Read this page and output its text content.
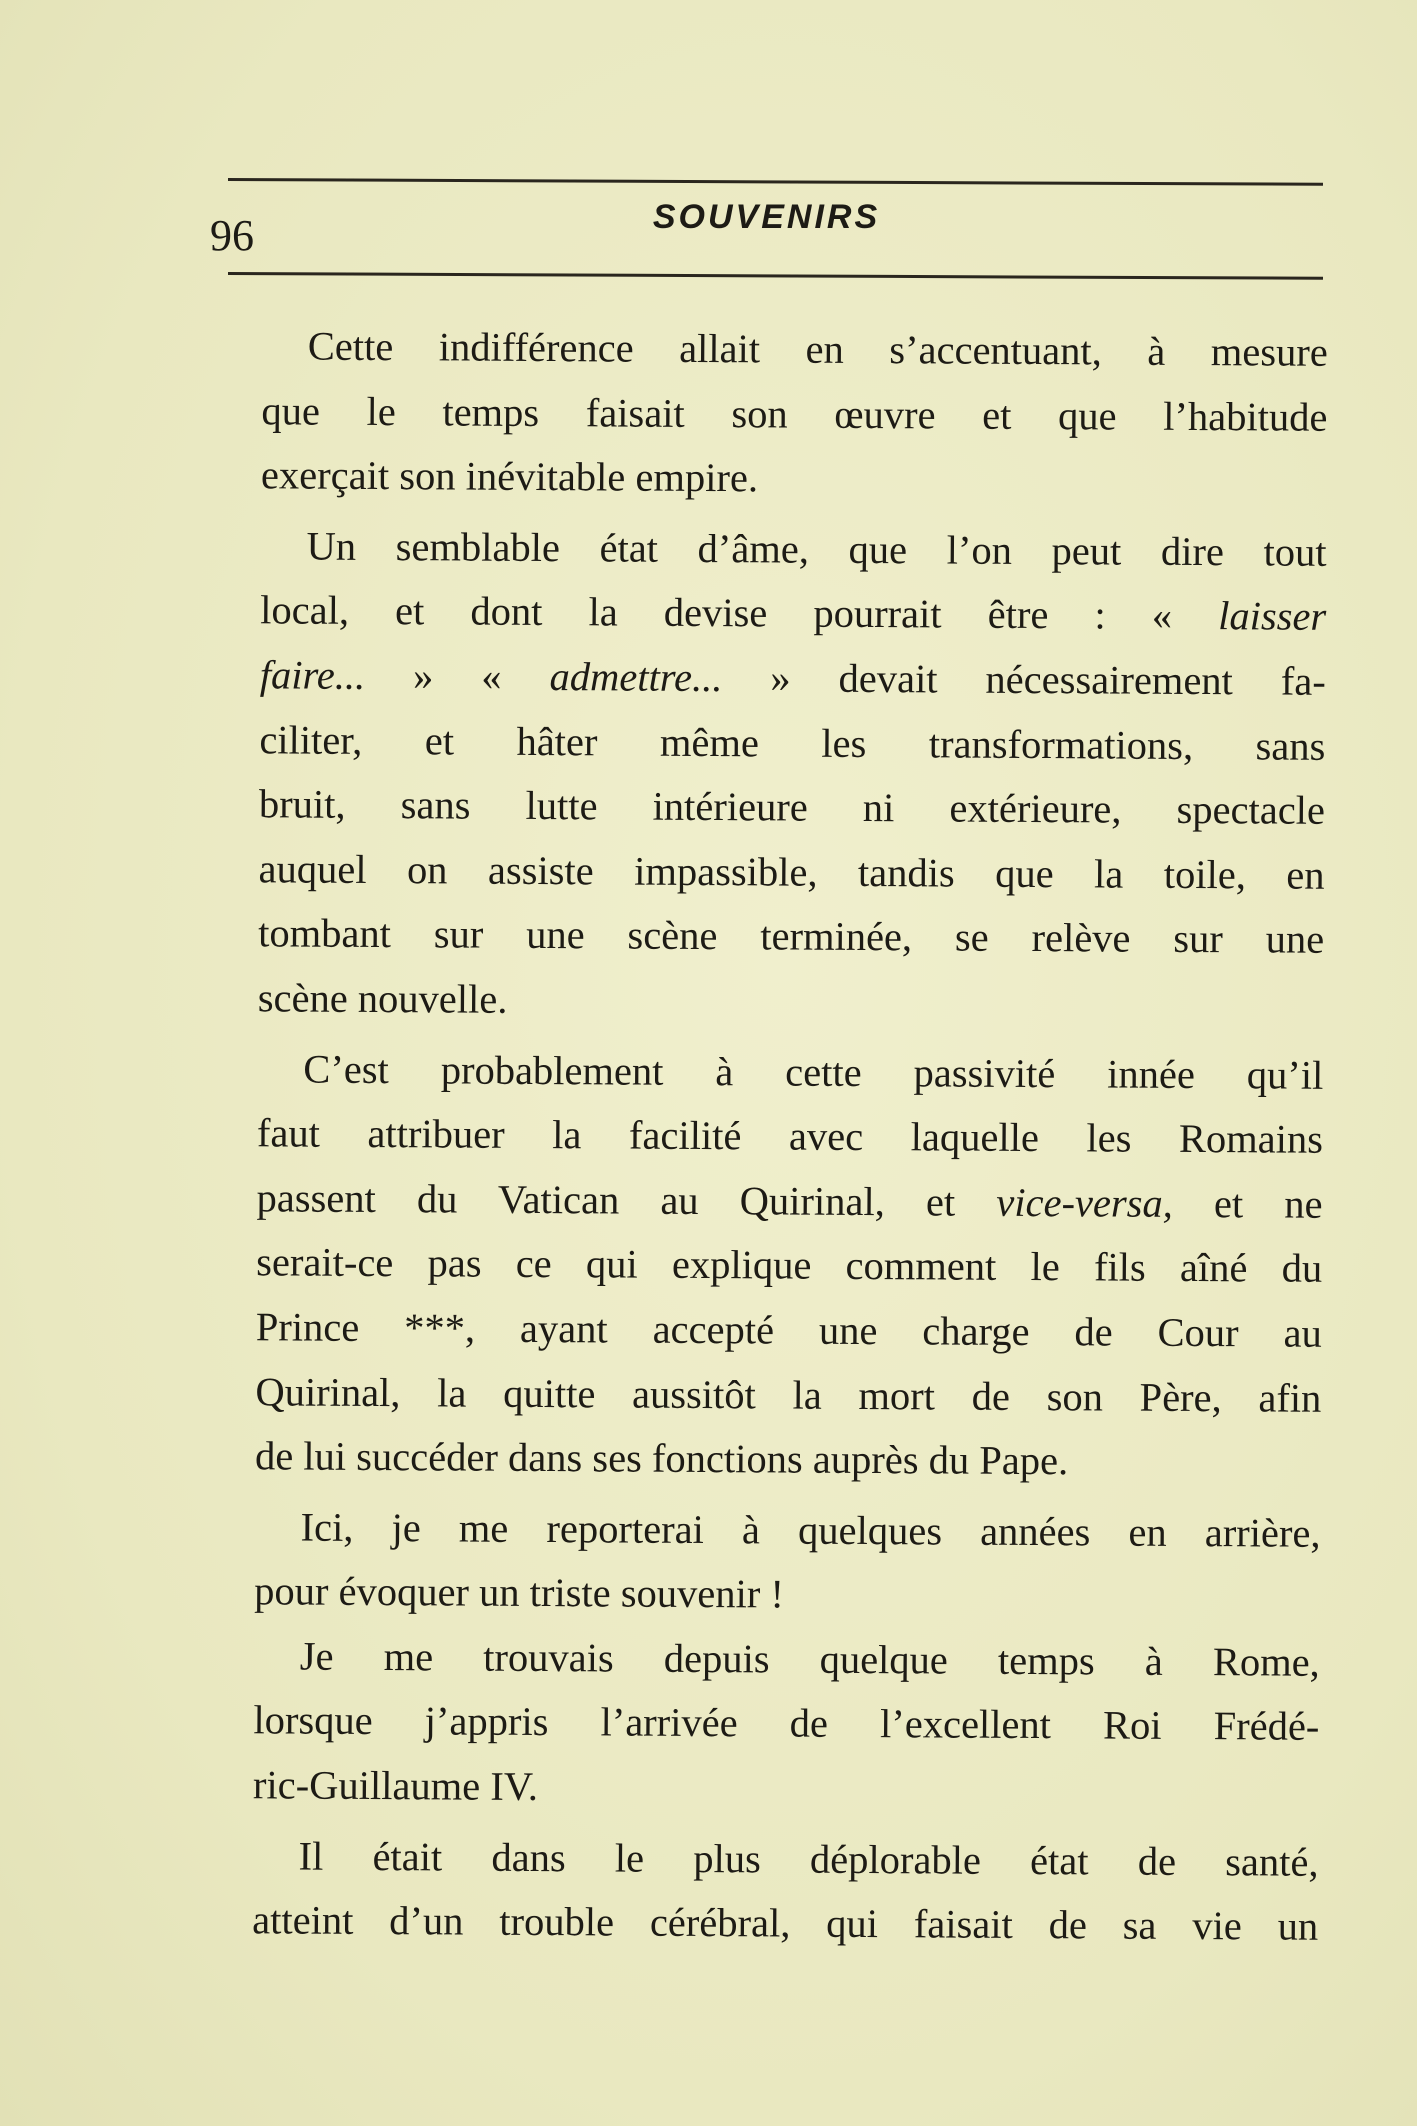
96	SOUVENIRS
Cette indifférence allait en s’accentuant, à mesure
que le temps faisait son œuvre et que l’habitude
exerçait son inévitable empire.
Un semblable état d’âme, que l’on peut dire tout
local, et dont la devise pourrait être : « laisser
faire... » « admettre... » devait nécessairement fa-
ciliter, et hâter même les transformations, sans
bruit, sans lutte intérieure ni extérieure, spectacle
auquel on assiste impassible, tandis que la toile, en
tombant sur une scène terminée, se relève sur une
scène nouvelle.
C’est probablement à cette passivité innée qu’il
faut attribuer la facilité avec laquelle les Romains
passent du Vatican au Quirinal, et vice-versa, et ne
serait-ce pas ce qui explique comment le fils aîné du
Prince ***, ayant accepté une charge de Cour au
Quirinal, la quitte aussitôt la mort de son Père, afin
de lui succéder dans ses fonctions auprès du Pape.
Ici, je me reporterai à quelques années en arrière,
pour évoquer un triste souvenir !
Je me trouvais depuis quelque temps à Rome,
lorsque j’appris l’arrivée de l’excellent Roi Frédé-
ric-Guillaume IV.
Il était dans le plus déplorable état de santé,
atteint d’un trouble cérébral, qui faisait de sa vie un
